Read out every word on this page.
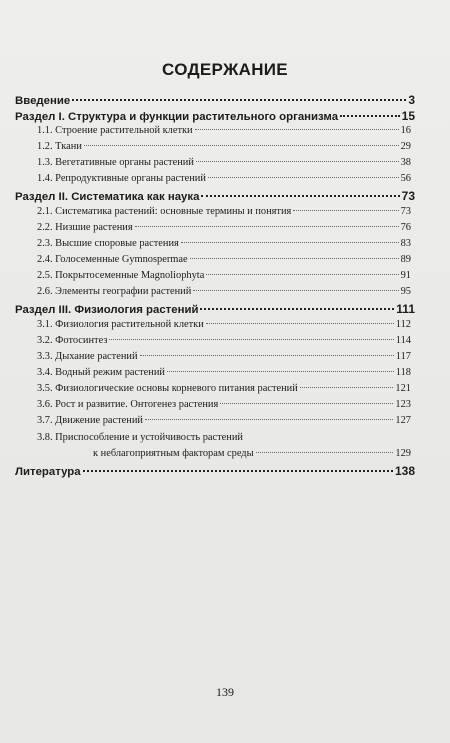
СОДЕРЖАНИЕ
Введение	3
Раздел I. Структура и функции растительного организма	15
1.1. Строение растительной клетки	16
1.2. Ткани	29
1.3. Вегетативные органы растений	38
1.4. Репродуктивные органы растений	56
Раздел II. Систематика как наука	73
2.1. Систематика растений: основные термины и понятия	73
2.2. Низшие растения	76
2.3. Высшие споровые растения	83
2.4. Голосеменные Gymnospermae	89
2.5. Покрытосеменные Magnoliophyta	91
2.6. Элементы географии растений	95
Раздел III. Физиология растений	111
3.1. Физиология растительной клетки	112
3.2. Фотосинтез	114
3.3. Дыхание растений	117
3.4. Водный режим растений	118
3.5. Физиологические основы корневого питания растений	121
3.6. Рост и развитие. Онтогенез растения	123
3.7. Движение растений	127
3.8. Приспособление и устойчивость растений
к неблагоприятным факторам среды	129
Литература	138
139
